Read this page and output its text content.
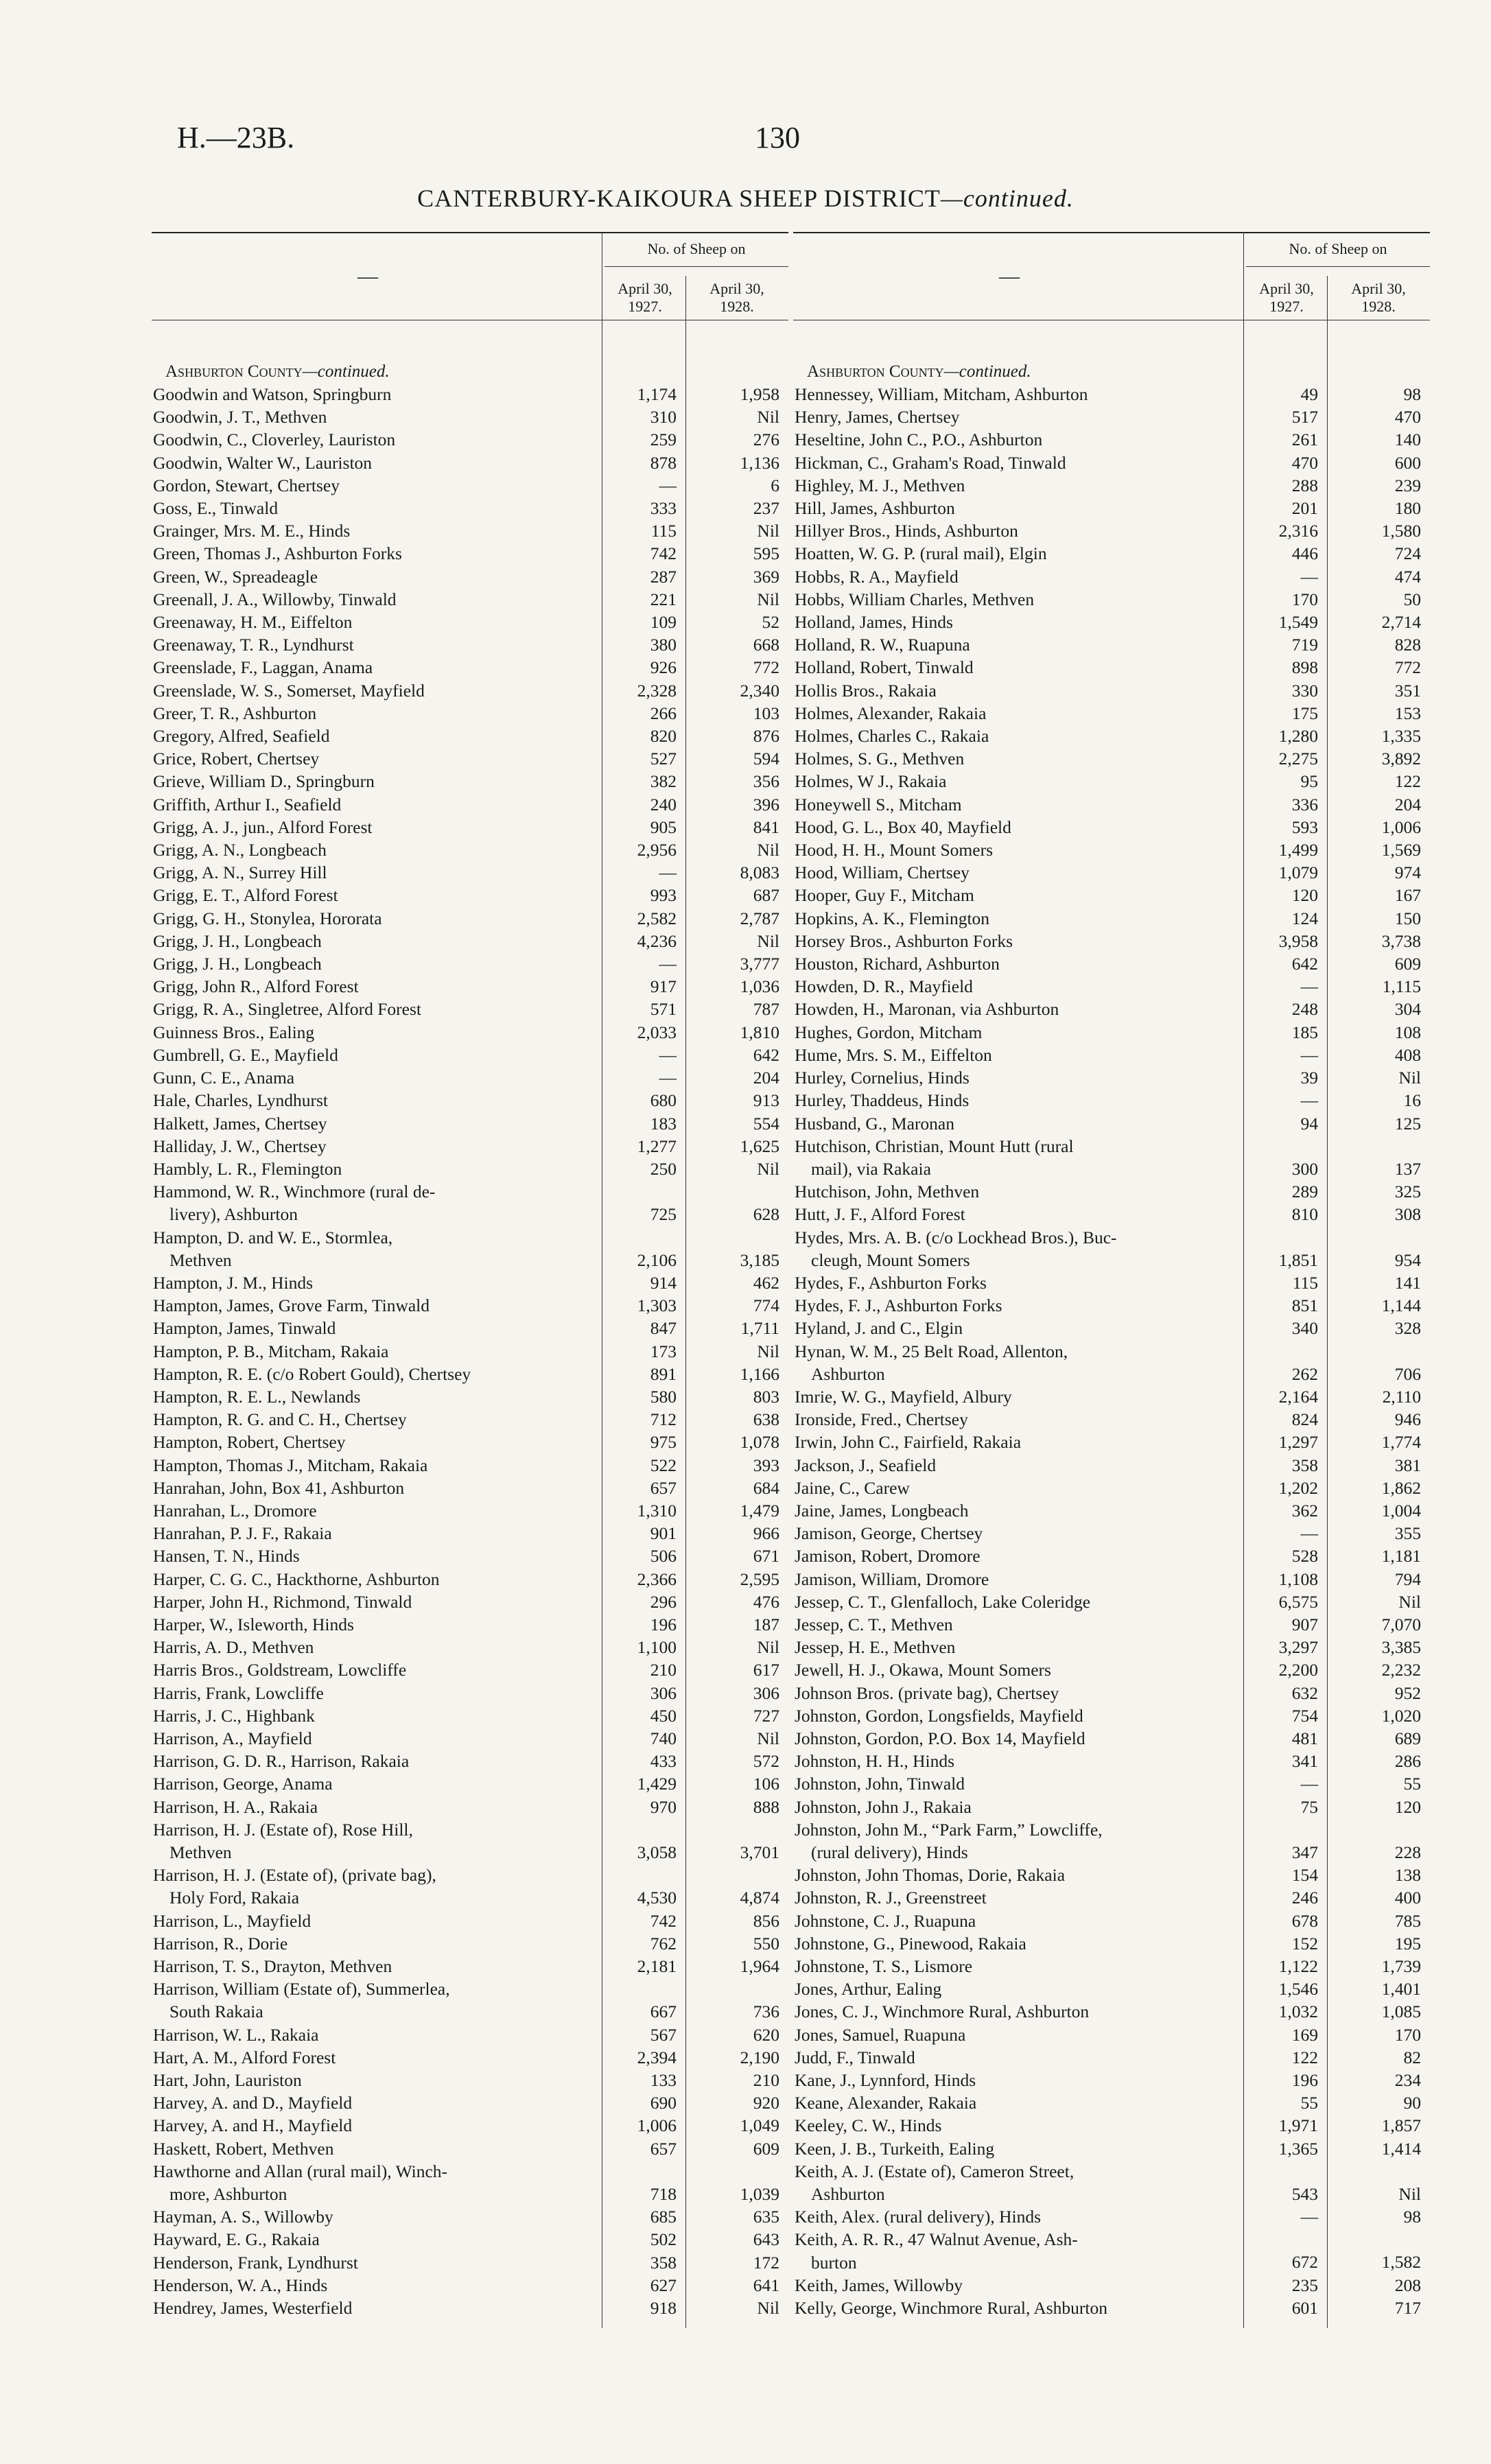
H.—23B.	130
CANTERBURY-KAIKOURA SHEEP DISTRICT—continued.
—
No. of Sheep on
April 30,
1927.
April 30,
1928.
Ashburton County—continued.
Goodwin and Watson, Springburn	1,174	1,958
Goodwin, J. T., Methven	310	Nil
Goodwin, C., Cloverley, Lauriston	259	276
Goodwin, Walter W., Lauriston	878	1,136
Gordon, Stewart, Chertsey	—	6
Goss, E., Tinwald	333	237
Grainger, Mrs. M. E., Hinds	115	Nil
Green, Thomas J., Ashburton Forks	742	595
Green, W., Spreadeagle	287	369
Greenall, J. A., Willowby, Tinwald	221	Nil
Greenaway, H. M., Eiffelton	109	52
Greenaway, T. R., Lyndhurst	380	668
Greenslade, F., Laggan, Anama	926	772
Greenslade, W. S., Somerset, Mayfield	2,328	2,340
Greer, T. R., Ashburton	266	103
Gregory, Alfred, Seafield	820	876
Grice, Robert, Chertsey	527	594
Grieve, William D., Springburn	382	356
Griffith, Arthur I., Seafield	240	396
Grigg, A. J., jun., Alford Forest	905	841
Grigg, A. N., Longbeach	2,956	Nil
Grigg, A. N., Surrey Hill	—	8,083
Grigg, E. T., Alford Forest	993	687
Grigg, G. H., Stonylea, Hororata	2,582	2,787
Grigg, J. H., Longbeach	4,236	Nil
Grigg, J. H., Longbeach	—	3,777
Grigg, John R., Alford Forest	917	1,036
Grigg, R. A., Singletree, Alford Forest	571	787
Guinness Bros., Ealing	2,033	1,810
Gumbrell, G. E., Mayfield	—	642
Gunn, C. E., Anama	—	204
Hale, Charles, Lyndhurst	680	913
Halkett, James, Chertsey	183	554
Halliday, J. W., Chertsey	1,277	1,625
Hambly, L. R., Flemington	250	Nil
Hammond, W. R., Winchmore (rural de-
livery), Ashburton	725	628
Hampton, D. and W. E., Stormlea,
Methven	2,106	3,185
Hampton, J. M., Hinds	914	462
Hampton, James, Grove Farm, Tinwald	1,303	774
Hampton, James, Tinwald	847	1,711
Hampton, P. B., Mitcham, Rakaia	173	Nil
Hampton, R. E. (c/o Robert Gould), Chertsey	891	1,166
Hampton, R. E. L., Newlands	580	803
Hampton, R. G. and C. H., Chertsey	712	638
Hampton, Robert, Chertsey	975	1,078
Hampton, Thomas J., Mitcham, Rakaia	522	393
Hanrahan, John, Box 41, Ashburton	657	684
Hanrahan, L., Dromore	1,310	1,479
Hanrahan, P. J. F., Rakaia	901	966
Hansen, T. N., Hinds	506	671
Harper, C. G. C., Hackthorne, Ashburton	2,366	2,595
Harper, John H., Richmond, Tinwald	296	476
Harper, W., Isleworth, Hinds	196	187
Harris, A. D., Methven	1,100	Nil
Harris Bros., Goldstream, Lowcliffe	210	617
Harris, Frank, Lowcliffe	306	306
Harris, J. C., Highbank	450	727
Harrison, A., Mayfield	740	Nil
Harrison, G. D. R., Harrison, Rakaia	433	572
Harrison, George, Anama	1,429	106
Harrison, H. A., Rakaia	970	888
Harrison, H. J. (Estate of), Rose Hill,
Methven	3,058	3,701
Harrison, H. J. (Estate of), (private bag),
Holy Ford, Rakaia	4,530	4,874
Harrison, L., Mayfield	742	856
Harrison, R., Dorie	762	550
Harrison, T. S., Drayton, Methven	2,181	1,964
Harrison, William (Estate of), Summerlea,
South Rakaia	667	736
Harrison, W. L., Rakaia	567	620
Hart, A. M., Alford Forest	2,394	2,190
Hart, John, Lauriston	133	210
Harvey, A. and D., Mayfield	690	920
Harvey, A. and H., Mayfield	1,006	1,049
Haskett, Robert, Methven	657	609
Hawthorne and Allan (rural mail), Winch-
more, Ashburton	718	1,039
Hayman, A. S., Willowby	685	635
Hayward, E. G., Rakaia	502	643
Henderson, Frank, Lyndhurst	358	172
Henderson, W. A., Hinds	627	641
Hendrey, James, Westerfield	918	Nil
—
No. of Sheep on
April 30,
1927.
April 30,
1928.
Ashburton County—continued.
Hennessey, William, Mitcham, Ashburton	49	98
Henry, James, Chertsey	517	470
Heseltine, John C., P.O., Ashburton	261	140
Hickman, C., Graham's Road, Tinwald	470	600
Highley, M. J., Methven	288	239
Hill, James, Ashburton	201	180
Hillyer Bros., Hinds, Ashburton	2,316	1,580
Hoatten, W. G. P. (rural mail), Elgin	446	724
Hobbs, R. A., Mayfield	—	474
Hobbs, William Charles, Methven	170	50
Holland, James, Hinds	1,549	2,714
Holland, R. W., Ruapuna	719	828
Holland, Robert, Tinwald	898	772
Hollis Bros., Rakaia	330	351
Holmes, Alexander, Rakaia	175	153
Holmes, Charles C., Rakaia	1,280	1,335
Holmes, S. G., Methven	2,275	3,892
Holmes, W J., Rakaia	95	122
Honeywell S., Mitcham	336	204
Hood, G. L., Box 40, Mayfield	593	1,006
Hood, H. H., Mount Somers	1,499	1,569
Hood, William, Chertsey	1,079	974
Hooper, Guy F., Mitcham	120	167
Hopkins, A. K., Flemington	124	150
Horsey Bros., Ashburton Forks	3,958	3,738
Houston, Richard, Ashburton	642	609
Howden, D. R., Mayfield	—	1,115
Howden, H., Maronan, via Ashburton	248	304
Hughes, Gordon, Mitcham	185	108
Hume, Mrs. S. M., Eiffelton	—	408
Hurley, Cornelius, Hinds	39	Nil
Hurley, Thaddeus, Hinds	—	16
Husband, G., Maronan	94	125
Hutchison, Christian, Mount Hutt (rural
mail), via Rakaia	300	137
Hutchison, John, Methven	289	325
Hutt, J. F., Alford Forest	810	308
Hydes, Mrs. A. B. (c/o Lockhead Bros.), Buc-
cleugh, Mount Somers	1,851	954
Hydes, F., Ashburton Forks	115	141
Hydes, F. J., Ashburton Forks	851	1,144
Hyland, J. and C., Elgin	340	328
Hynan, W. M., 25 Belt Road, Allenton,
Ashburton	262	706
Imrie, W. G., Mayfield, Albury	2,164	2,110
Ironside, Fred., Chertsey	824	946
Irwin, John C., Fairfield, Rakaia	1,297	1,774
Jackson, J., Seafield	358	381
Jaine, C., Carew	1,202	1,862
Jaine, James, Longbeach	362	1,004
Jamison, George, Chertsey	—	355
Jamison, Robert, Dromore	528	1,181
Jamison, William, Dromore	1,108	794
Jessep, C. T., Glenfalloch, Lake Coleridge	6,575	Nil
Jessep, C. T., Methven	907	7,070
Jessep, H. E., Methven	3,297	3,385
Jewell, H. J., Okawa, Mount Somers	2,200	2,232
Johnson Bros. (private bag), Chertsey	632	952
Johnston, Gordon, Longsfields, Mayfield	754	1,020
Johnston, Gordon, P.O. Box 14, Mayfield	481	689
Johnston, H. H., Hinds	341	286
Johnston, John, Tinwald	—	55
Johnston, John J., Rakaia	75	120
Johnston, John M., “Park Farm,” Lowcliffe,
(rural delivery), Hinds	347	228
Johnston, John Thomas, Dorie, Rakaia	154	138
Johnston, R. J., Greenstreet	246	400
Johnstone, C. J., Ruapuna	678	785
Johnstone, G., Pinewood, Rakaia	152	195
Johnstone, T. S., Lismore	1,122	1,739
Jones, Arthur, Ealing	1,546	1,401
Jones, C. J., Winchmore Rural, Ashburton	1,032	1,085
Jones, Samuel, Ruapuna	169	170
Judd, F., Tinwald	122	82
Kane, J., Lynnford, Hinds	196	234
Keane, Alexander, Rakaia	55	90
Keeley, C. W., Hinds	1,971	1,857
Keen, J. B., Turkeith, Ealing	1,365	1,414
Keith, A. J. (Estate of), Cameron Street,
Ashburton	543	Nil
Keith, Alex. (rural delivery), Hinds	—	98
Keith, A. R. R., 47 Walnut Avenue, Ash-
burton	672	1,582
Keith, James, Willowby	235	208
Kelly, George, Winchmore Rural, Ashburton	601	717
